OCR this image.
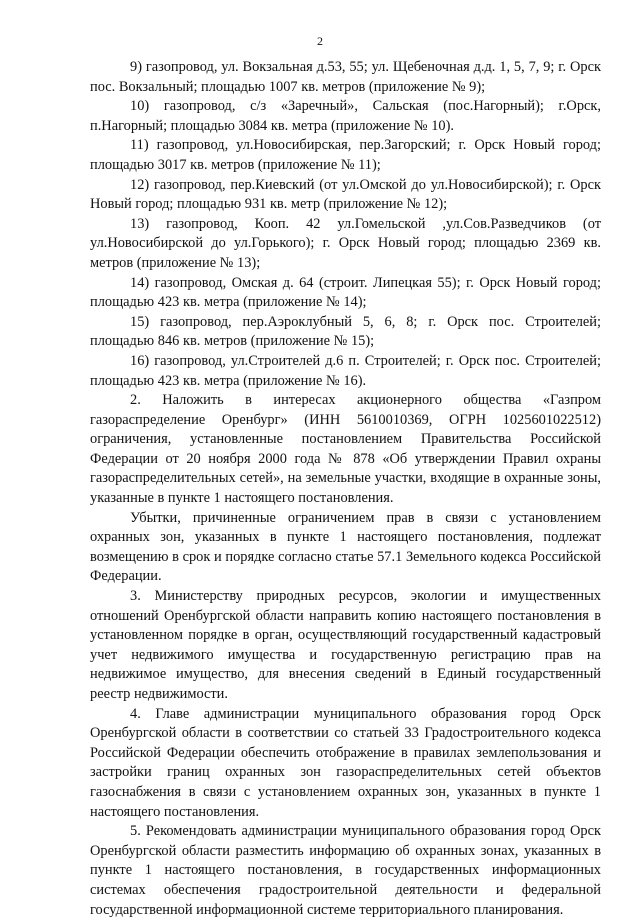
2

9) газопровод, ул. Вокзальная д.53, 55; ул. Щебеночная д.д. 1, 5, 7, 9; г. Орск пос. Вокзальный; площадью 1007 кв. метров (приложение № 9);

10) газопровод, с/з «Заречный», Сальская (пос.Нагорный); г.Орск, п.Нагорный; площадью 3084 кв. метра (приложение № 10).

11) газопровод, ул.Новосибирская, пер.Загорский; г. Орск Новый город; площадью 3017 кв. метров (приложение № 11);

12) газопровод, пер.Киевский (от ул.Омской до ул.Новосибирской); г. Орск Новый город; площадью 931 кв. метр (приложение № 12);

13) газопровод, Кооп. 42 ул.Гомельской ,ул.Сов.Разведчиков (от ул.Новосибирской до ул.Горького); г. Орск Новый город; площадью 2369 кв. метров (приложение № 13);

14) газопровод, Омская д. 64 (строит. Липецкая 55); г. Орск Новый город; площадью 423 кв. метра (приложение № 14);

15) газопровод, пер.Аэроклубный 5, 6, 8; г. Орск пос. Строителей; площадью 846 кв. метров (приложение № 15);

16) газопровод, ул.Строителей д.6 п. Строителей; г. Орск пос. Строителей; площадью 423 кв. метра (приложение № 16).

2. Наложить в интересах акционерного общества «Газпром газораспределение Оренбург» (ИНН 5610010369, ОГРН 1025601022512) ограничения, установленные постановлением Правительства Российской Федерации от 20 ноября 2000 года № 878 «Об утверждении Правил охраны газораспределительных сетей», на земельные участки, входящие в охранные зоны, указанные в пункте 1 настоящего постановления.

Убытки, причиненные ограничением прав в связи с установлением охранных зон, указанных в пункте 1 настоящего постановления, подлежат возмещению в срок и порядке согласно статье 57.1 Земельного кодекса Российской Федерации.

3. Министерству природных ресурсов, экологии и имущественных отношений Оренбургской области направить копию настоящего постановления в установленном порядке в орган, осуществляющий государственный кадастровый учет недвижимого имущества и государственную регистрацию прав на недвижимое имущество, для внесения сведений в Единый государственный реестр недвижимости.

4. Главе администрации муниципального образования город Орск Оренбургской области в соответствии со статьей 33 Градостроительного кодекса Российской Федерации обеспечить отображение в правилах землепользования и застройки границ охранных зон газораспределительных сетей объектов газоснабжения в связи с установлением охранных зон, указанных в пункте 1 настоящего постановления.

5. Рекомендовать администрации муниципального образования город Орск Оренбургской области разместить информацию об охранных зонах, указанных в пункте 1 настоящего постановления, в государственных информационных системах обеспечения градостроительной деятельности и федеральной государственной информационной системе территориального планирования.
